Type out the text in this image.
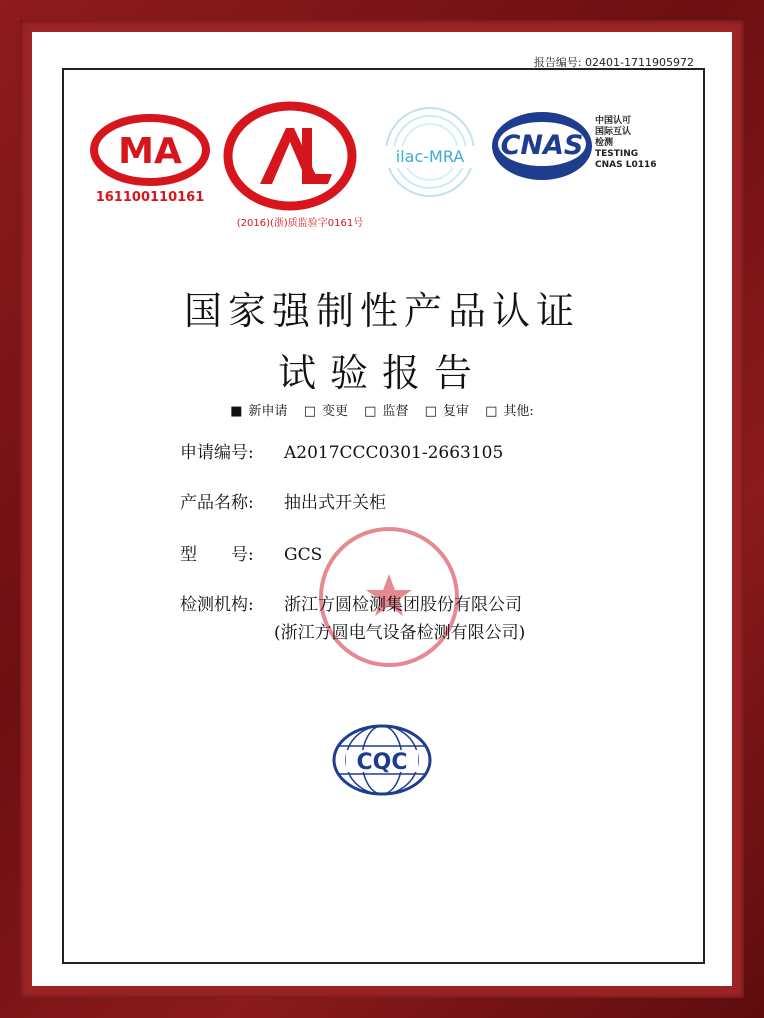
报告编号: 02401-1711905972
MA
161100110161
(2016)(浙)质监验字0161号
ilac-MRA CNAS
中国认可
国际互认
检测
TESTING
CNAS L0116
国家强制性产品认证
试验报告
■ 新申请 □ 变更 □ 监督 □ 复审 □ 其他:
申请编号: A2017CCC0301-2663105
产品名称: 抽出式开关柜
型　　号: GCS
检测机构: 浙江方圆检测集团股份有限公司
(浙江方圆电气设备检测有限公司)
CQC
